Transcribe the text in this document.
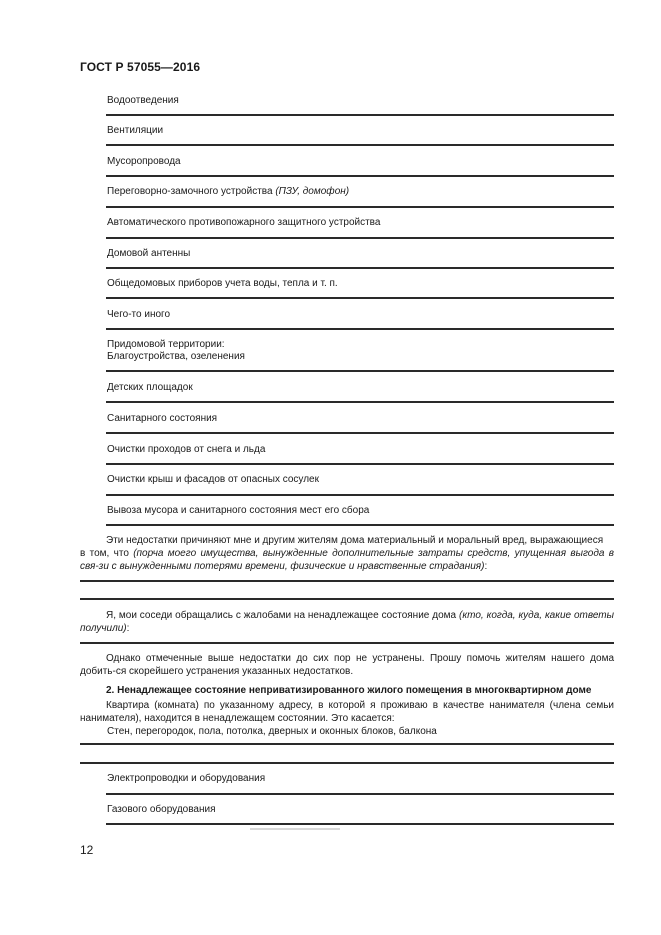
ГОСТ Р 57055—2016
Водоотведения
Вентиляции
Мусоропровода
Переговорно-замочного устройства (ПЗУ, домофон)
Автоматического противопожарного защитного устройства
Домовой антенны
Общедомовых приборов учета воды, тепла и т. п.
Чего-то иного
Придомовой территории:
Благоустройства, озеленения
Детских площадок
Санитарного состояния
Очистки проходов от снега и льда
Очистки крыш и фасадов от опасных сосулек
Вывоза мусора и санитарного состояния мест его сбора
Эти недостатки причиняют мне и другим жителям дома материальный и моральный вред, выражающиеся
в том, что (порча моего имущества, вынужденные дополнительные затраты средств, упущенная выгода в свя-зи с вынужденными потерями времени, физические и нравственные страдания):
Я, мои соседи обращались с жалобами на ненадлежащее состояние дома (кто, когда, куда, какие ответы получили):
Однако отмеченные выше недостатки до сих пор не устранены. Прошу помочь жителям нашего дома добить-ся скорейшего устранения указанных недостатков.
2. Ненадлежащее состояние неприватизированного жилого помещения в многоквартирном доме
Квартира (комната) по указанному адресу, в которой я проживаю в качестве нанимателя (члена семьи нанимателя), находится в ненадлежащем состоянии. Это касается:
Стен, перегородок, пола, потолка, дверных и оконных блоков, балкона
Электропроводки и оборудования
Газового оборудования
12
